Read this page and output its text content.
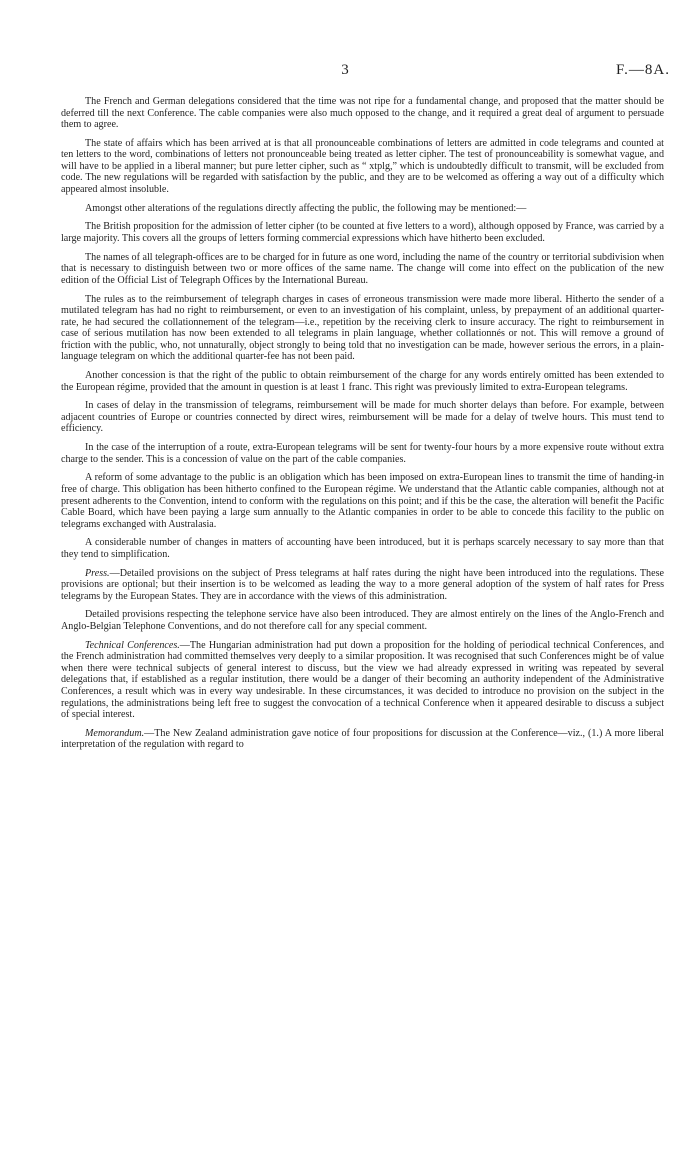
3	F.—8A.

The French and German delegations considered that the time was not ripe for a fundamental change, and proposed that the matter should be deferred till the next Conference. The cable companies were also much opposed to the change, and it required a great deal of argument to persuade them to agree.

The state of affairs which has been arrived at is that all pronounceable combinations of letters are admitted in code telegrams and counted at ten letters to the word, combinations of letters not pronounceable being treated as letter cipher. The test of pronounceability is somewhat vague, and will have to be applied in a liberal manner; but pure letter cipher, such as “ xtplg,” which is undoubtedly difficult to transmit, will be excluded from code. The new regulations will be regarded with satisfaction by the public, and they are to be welcomed as offering a way out of a difficulty which appeared almost insoluble.

Amongst other alterations of the regulations directly affecting the public, the following may be mentioned:—

The British proposition for the admission of letter cipher (to be counted at five letters to a word), although opposed by France, was carried by a large majority. This covers all the groups of letters forming commercial expressions which have hitherto been excluded.

The names of all telegraph-offices are to be charged for in future as one word, including the name of the country or territorial subdivision when that is necessary to distinguish between two or more offices of the same name. The change will come into effect on the publication of the new edition of the Official List of Telegraph Offices by the International Bureau.

The rules as to the reimbursement of telegraph charges in cases of erroneous transmission were made more liberal. Hitherto the sender of a mutilated telegram has had no right to reimbursement, or even to an investigation of his complaint, unless, by prepayment of an additional quarter-rate, he had secured the collationnement of the telegram—i.e., repetition by the receiving clerk to insure accuracy. The right to reimbursement in case of serious mutilation has now been extended to all telegrams in plain language, whether collationnés or not. This will remove a ground of friction with the public, who, not unnaturally, object strongly to being told that no investigation can be made, however serious the errors, in a plain-language telegram on which the additional quarter-fee has not been paid.

Another concession is that the right of the public to obtain reimbursement of the charge for any words entirely omitted has been extended to the European régime, provided that the amount in question is at least 1 franc. This right was previously limited to extra-European telegrams.

In cases of delay in the transmission of telegrams, reimbursement will be made for much shorter delays than before. For example, between adjacent countries of Europe or countries connected by direct wires, reimbursement will be made for a delay of twelve hours. This must tend to efficiency.

In the case of the interruption of a route, extra-European telegrams will be sent for twenty-four hours by a more expensive route without extra charge to the sender. This is a concession of value on the part of the cable companies.

A reform of some advantage to the public is an obligation which has been imposed on extra-European lines to transmit the time of handing-in free of charge. This obligation has been hitherto confined to the European régime. We understand that the Atlantic cable companies, although not at present adherents to the Convention, intend to conform with the regulations on this point; and if this be the case, the alteration will benefit the Pacific Cable Board, which have been paying a large sum annually to the Atlantic companies in order to be able to concede this facility to the public on telegrams exchanged with Australasia.

A considerable number of changes in matters of accounting have been introduced, but it is perhaps scarcely necessary to say more than that they tend to simplification.

Press.—Detailed provisions on the subject of Press telegrams at half rates during the night have been introduced into the regulations. These provisions are optional; but their insertion is to be welcomed as leading the way to a more general adoption of the system of half rates for Press telegrams by the European States. They are in accordance with the views of this administration.

Detailed provisions respecting the telephone service have also been introduced. They are almost entirely on the lines of the Anglo-French and Anglo-Belgian Telephone Conventions, and do not therefore call for any special comment.

Technical Conferences.—The Hungarian administration had put down a proposition for the holding of periodical technical Conferences, and the French administration had committed themselves very deeply to a similar proposition. It was recognised that such Conferences might be of value when there were technical subjects of general interest to discuss, but the view we had already expressed in writing was repeated by several delegations that, if established as a regular institution, there would be a danger of their becoming an authority independent of the Administrative Conferences, a result which was in every way undesirable. In these circumstances, it was decided to introduce no provision on the subject in the regulations, the administrations being left free to suggest the convocation of a technical Conference when it appeared desirable to discuss a subject of special interest.

Memorandum.—The New Zealand administration gave notice of four propositions for discussion at the Conference—viz., (1.) A more liberal interpretation of the regulation with regard to
